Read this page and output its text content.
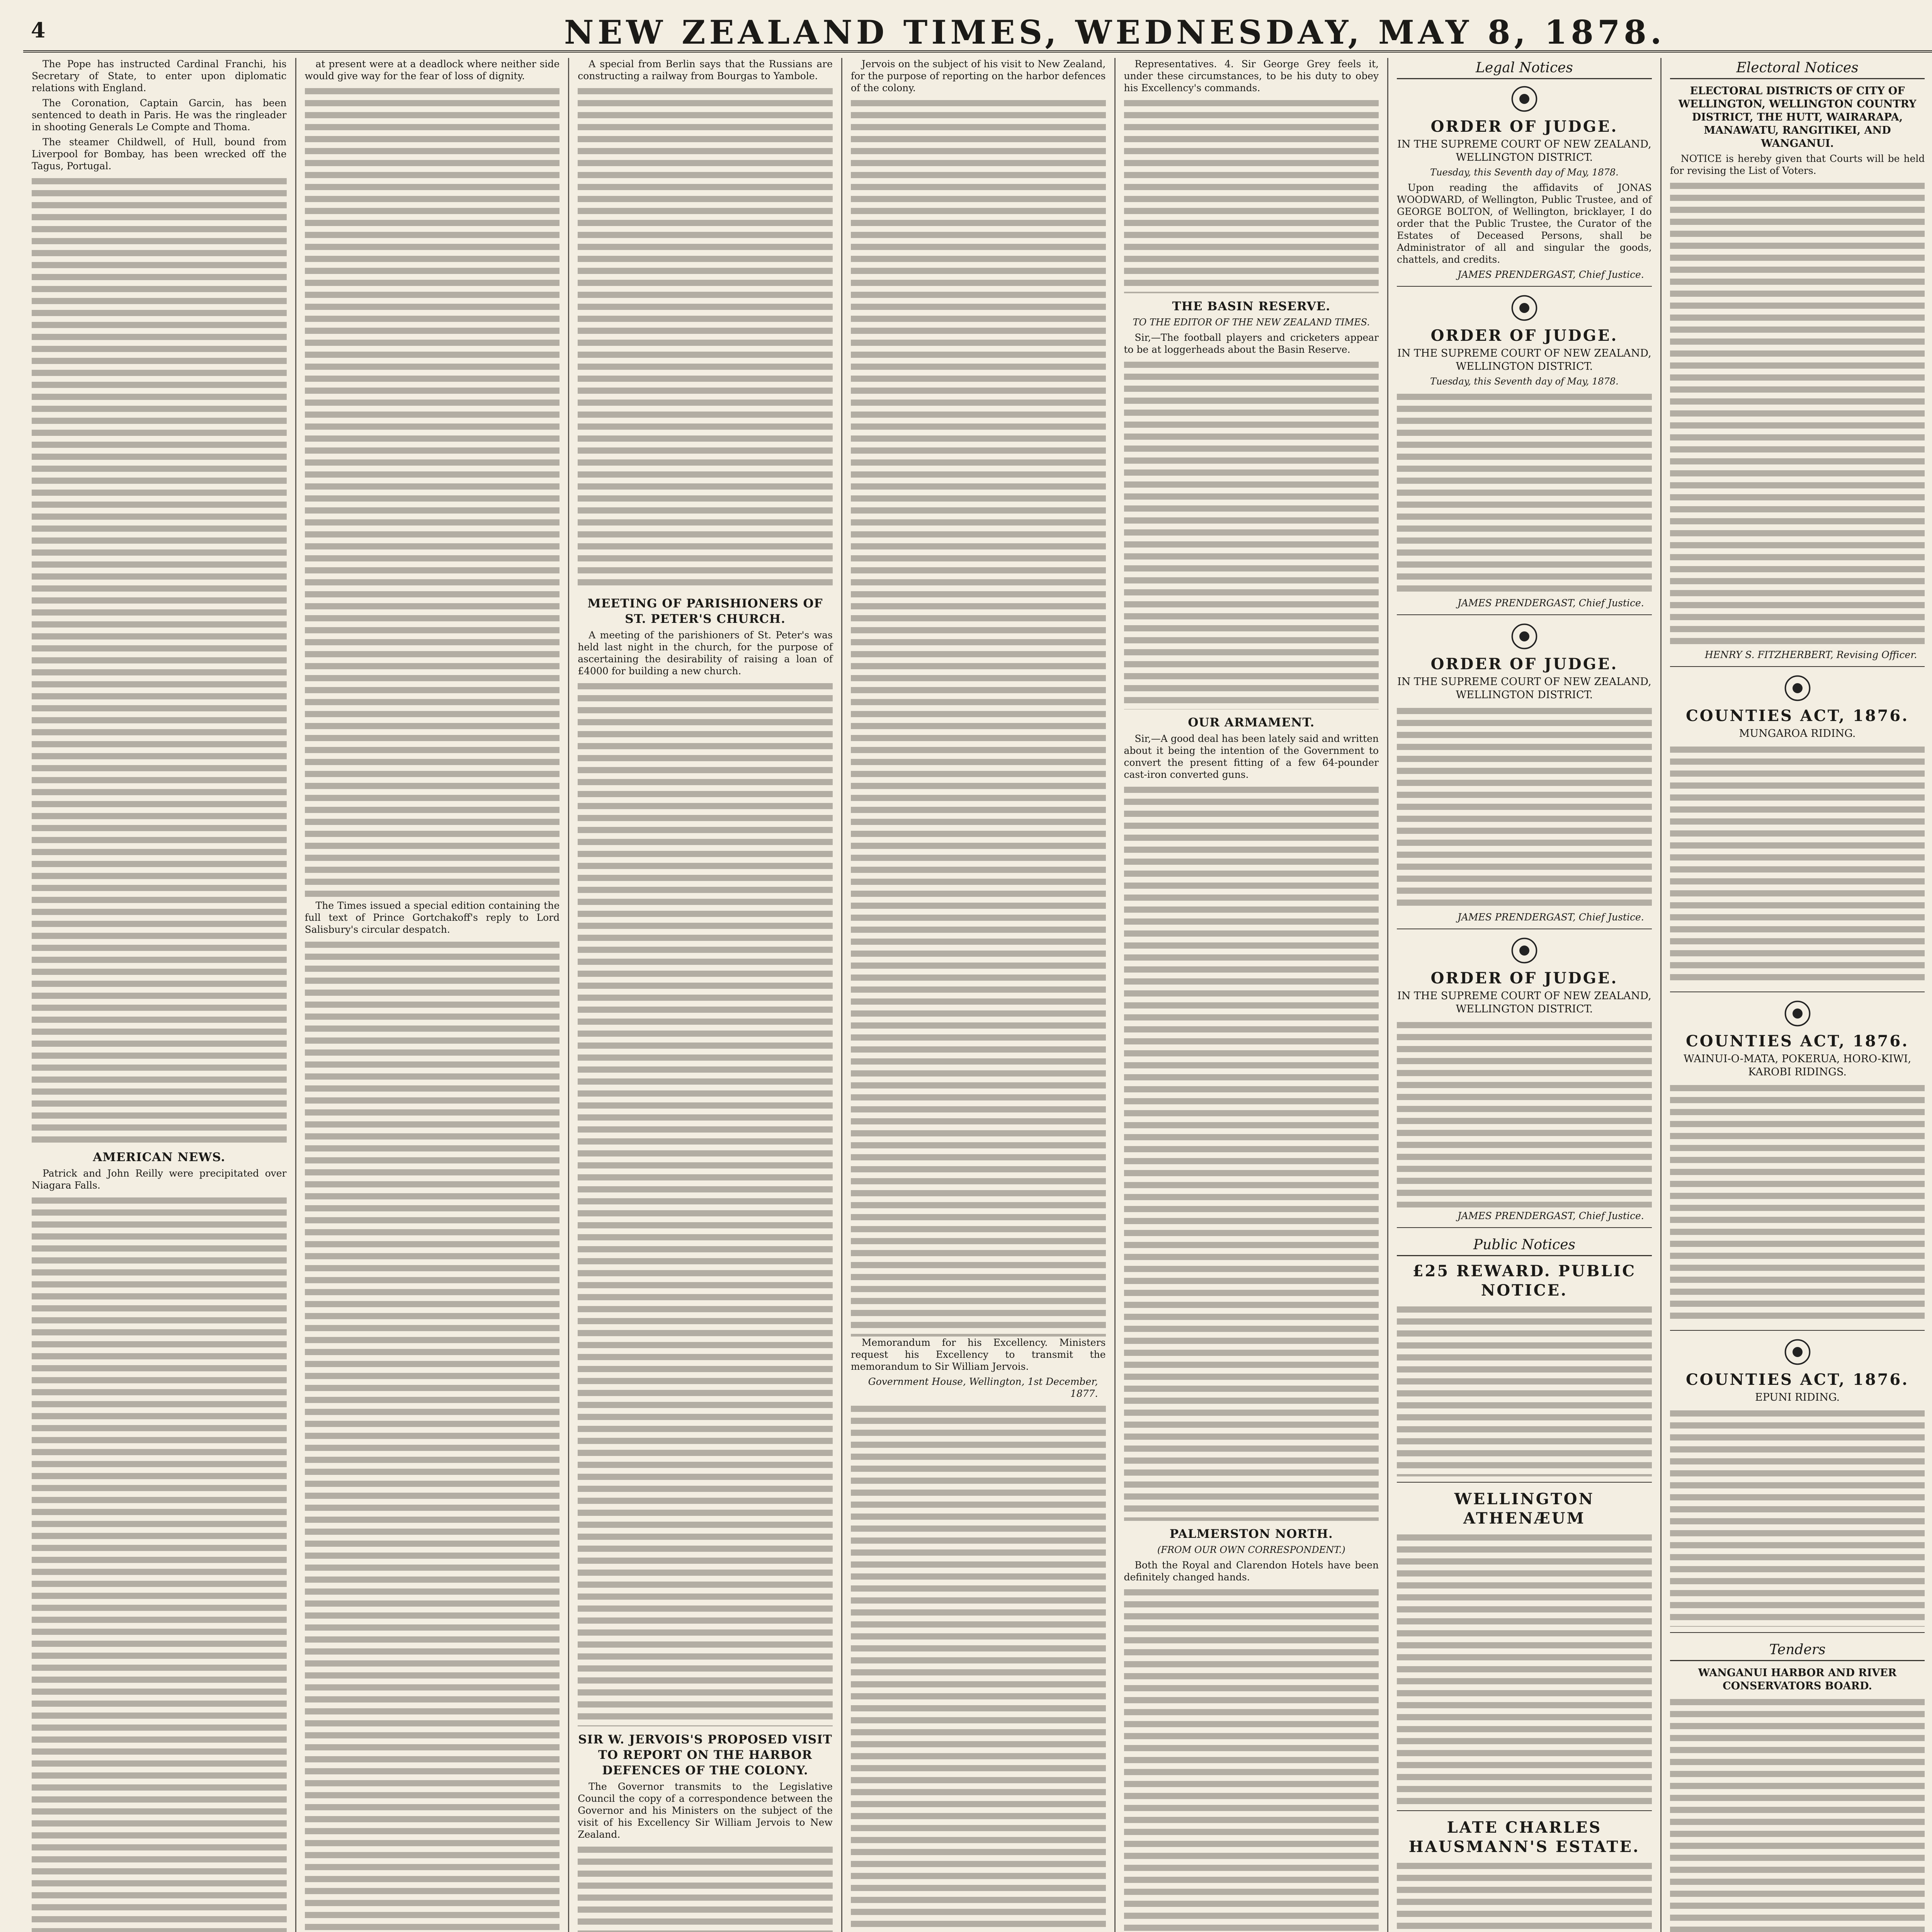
4	NEW ZEALAND TIMES, WEDNESDAY, MAY 8, 1878.
The Pope has instructed Cardinal Franchi, his Secretary of State, to enter upon diplomatic relations with England.
The Coronation, Captain Garcin, has been sentenced to death in Paris. He was the ringleader in shooting Generals Le Compte and Thoma.
The steamer Childwell, of Hull, bound from Liverpool for Bombay, has been wrecked off the Tagus, Portugal.
AMERICAN NEWS.
Patrick and John Reilly were precipitated over Niagara Falls.
at present were at a deadlock where neither side would give way for the fear of loss of dignity.
The Times issued a special edition containing the full text of Prince Gortchakoff's reply to Lord Salisbury's circular despatch.
A special from Berlin says that the Russians are constructing a railway from Bourgas to Yambole.
MEETING OF PARISHIONERS OF ST. PETER'S CHURCH.
A meeting of the parishioners of St. Peter's was held last night in the church, for the purpose of ascertaining the desirability of raising a loan of £4000 for building a new church.
SIR W. JERVOIS'S PROPOSED VISIT TO REPORT ON THE HARBOR DEFENCES OF THE COLONY.
The Governor transmits to the Legislative Council the copy of a correspondence between the Governor and his Ministers on the subject of the visit of his Excellency Sir William Jervois to New Zealand.
Jervois on the subject of his visit to New Zealand, for the purpose of reporting on the harbor defences of the colony.
Memorandum for his Excellency. Ministers request his Excellency to transmit the memorandum to Sir William Jervois.
Government House, Wellington, 1st December, 1877.
Representatives. 4. Sir George Grey feels it, under these circumstances, to be his duty to obey his Excellency's commands.
THE BASIN RESERVE.
TO THE EDITOR OF THE NEW ZEALAND TIMES.
Sir,—The football players and cricketers appear to be at loggerheads about the Basin Reserve.
OUR ARMAMENT.
Sir,—A good deal has been lately said and written about it being the intention of the Government to convert the present fitting of a few 64-pounder cast-iron converted guns.
PALMERSTON NORTH.
(FROM OUR OWN CORRESPONDENT.)
Both the Royal and Clarendon Hotels have been definitely changed hands.
Legal Notices
ORDER OF JUDGE.
IN THE SUPREME COURT OF NEW ZEALAND, WELLINGTON DISTRICT.
Tuesday, this Seventh day of May, 1878.
Upon reading the affidavits of JONAS WOODWARD, of Wellington, Public Trustee, and of GEORGE BOLTON, of Wellington, bricklayer, I do order that the Public Trustee, the Curator of the Estates of Deceased Persons, shall be Administrator of all and singular the goods, chattels, and credits.
JAMES PRENDERGAST, Chief Justice.
ORDER OF JUDGE.
IN THE SUPREME COURT OF NEW ZEALAND, WELLINGTON DISTRICT.
Tuesday, this Seventh day of May, 1878.
JAMES PRENDERGAST, Chief Justice.
ORDER OF JUDGE.
IN THE SUPREME COURT OF NEW ZEALAND, WELLINGTON DISTRICT.
JAMES PRENDERGAST, Chief Justice.
ORDER OF JUDGE.
IN THE SUPREME COURT OF NEW ZEALAND, WELLINGTON DISTRICT.
JAMES PRENDERGAST, Chief Justice.
Public Notices
£25 REWARD. PUBLIC NOTICE.
WELLINGTON ATHENÆUM
LATE CHARLES HAUSMANN'S ESTATE.
Electoral Notices
ELECTORAL DISTRICTS OF CITY OF WELLINGTON, WELLINGTON COUNTRY DISTRICT, THE HUTT, WAIRARAPA, MANAWATU, RANGITIKEI, AND WANGANUI.
NOTICE is hereby given that Courts will be held for revising the List of Voters.
HENRY S. FITZHERBERT, Revising Officer.
COUNTIES ACT, 1876.
MUNGAROA RIDING.
COUNTIES ACT, 1876.
WAINUI-O-MATA, POKERUA, HORO-KIWI, KAROBI RIDINGS.
COUNTIES ACT, 1876.
EPUNI RIDING.
Tenders
WANGANUI HARBOR AND RIVER CONSERVATORS BOARD.
